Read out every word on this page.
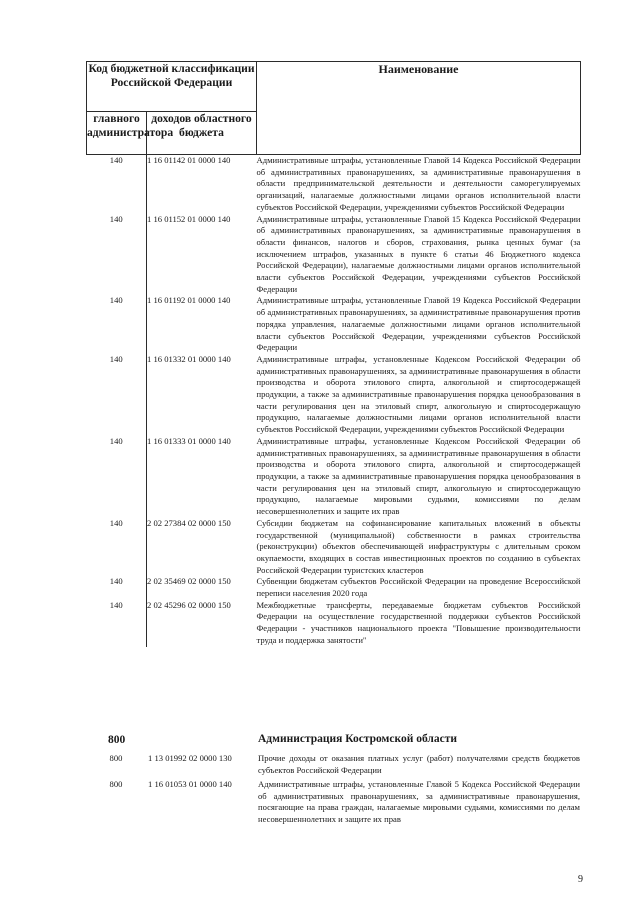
Код бюджетной классификации Российской Федерации		Наименование
главного администратора	доходов областного бюджета	
140	1 16 01142 01 0000 140	Административные штрафы, установленные Главой 14 Кодекса Российской Федерации об административных правонарушениях, за административные правонарушения в области предпринимательской деятельности и деятельности саморегулируемых организаций, налагаемые должностными лицами органов исполнительной власти субъектов Российской Федерации, учреждениями субъектов Российской Федерации
140	1 16 01152 01 0000 140	Административные штрафы, установленные Главой 15 Кодекса Российской Федерации об административных правонарушениях, за административные правонарушения в области финансов, налогов и сборов, страхования, рынка ценных бумаг (за исключением штрафов, указанных в пункте 6 статьи 46 Бюджетного кодекса Российской Федерации), налагаемые должностными лицами органов исполнительной власти субъектов Российской Федерации, учреждениями субъектов Российской Федерации
140	1 16 01192 01 0000 140	Административные штрафы, установленные Главой 19 Кодекса Российской Федерации об административных правонарушениях, за административные правонарушения против порядка управления, налагаемые должностными лицами органов исполнительной власти субъектов Российской Федерации, учреждениями субъектов Российской Федерации
140	1 16 01332 01 0000 140	Административные штрафы, установленные Кодексом Российской Федерации об административных правонарушениях, за административные правонарушения в области производства и оборота этилового спирта, алкогольной и спиртосодержащей продукции, а также за административные правонарушения порядка ценообразования в части регулирования цен на этиловый спирт, алкогольную и спиртосодержащую продукцию, налагаемые должностными лицами органов исполнительной власти субъектов Российской Федерации, учреждениями субъектов Российской Федерации
140	1 16 01333 01 0000 140	Административные штрафы, установленные Кодексом Российской Федерации об административных правонарушениях, за административные правонарушения в области производства и оборота этилового спирта, алкогольной и спиртосодержащей продукции, а также за административные правонарушения порядка ценообразования в части регулирования цен на этиловый спирт, алкогольную и спиртосодержащую продукцию, налагаемые мировыми судьями, комиссиями по делам несовершеннолетних и защите их прав
140	2 02 27384 02 0000 150	Субсидии бюджетам на софинансирование капитальных вложений в объекты государственной (муниципальной) собственности в рамках строительства (реконструкции) объектов обеспечивающей инфраструктуры с длительным сроком окупаемости, входящих в состав инвестиционных проектов по созданию в субъектах Российской Федерации туристских кластеров
140	2 02 35469 02 0000 150	Субвенции бюджетам субъектов Российской Федерации на проведение Всероссийской переписи населения 2020 года
140	2 02 45296 02 0000 150	Межбюджетные трансферты, передаваемые бюджетам субъектов Российской Федерации на осуществление государственной поддержки субъектов Российской Федерации - участников национального проекта "Повышение производительности труда и поддержка занятости"
800	Администрация Костромской области
800	1 13 01992 02 0000 130	Прочие доходы от оказания платных услуг (работ) получателями средств бюджетов субъектов Российской Федерации
800	1 16 01053 01 0000 140	Административные штрафы, установленные Главой 5 Кодекса Российской Федерации об административных правонарушениях, за административные правонарушения, посягающие на права граждан, налагаемые мировыми судьями, комиссиями по делам несовершеннолетних и защите их прав
9
